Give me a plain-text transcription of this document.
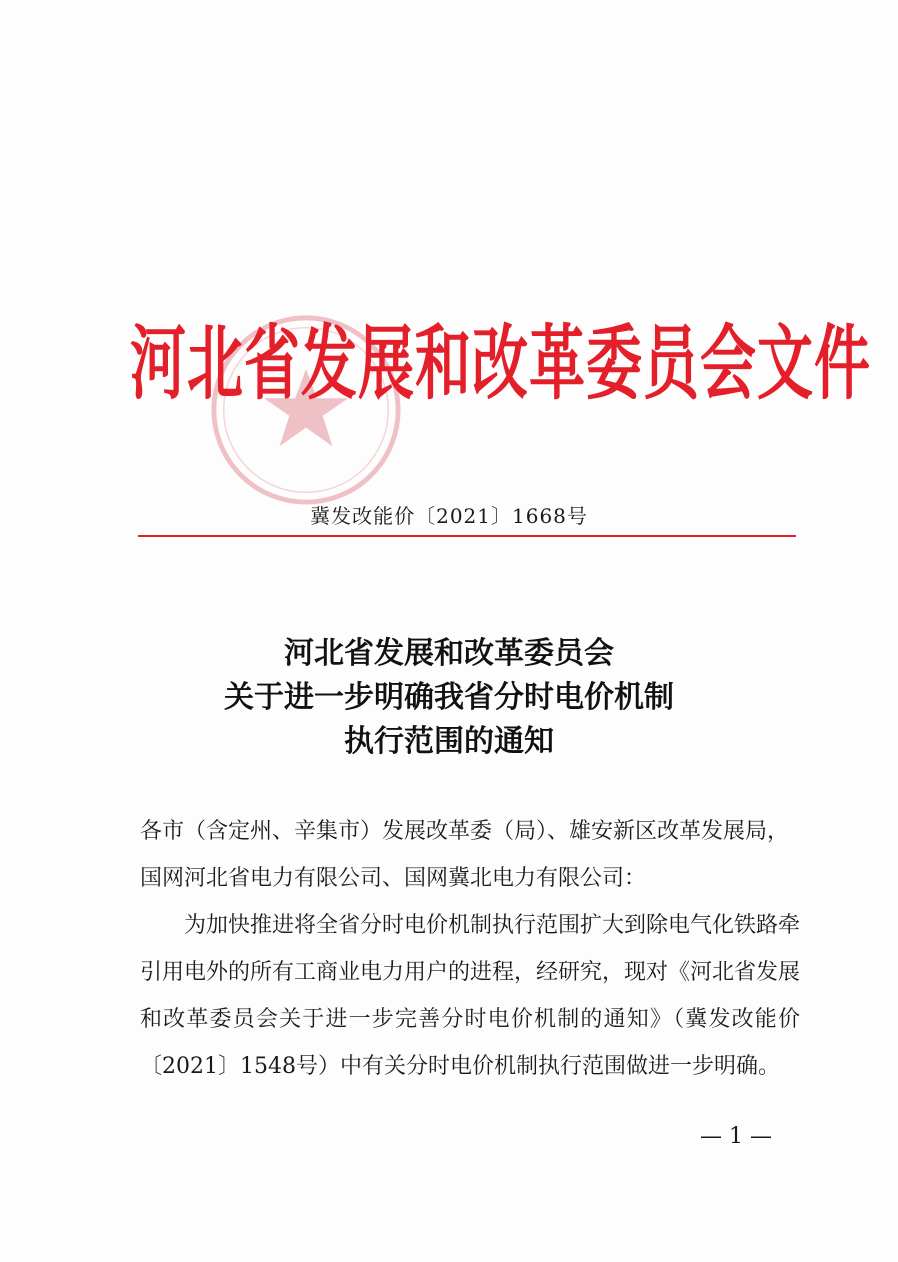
河北省发展和改革委员会文件
冀发改能价〔2021〕1668号
河北省发展和改革委员会
关于进一步明确我省分时电价机制
执行范围的通知

各市（含定州、辛集市）发展改革委（局）、雄安新区改革发展局，

国网河北省电力有限公司、国网冀北电力有限公司：

为加快推进将全省分时电价机制执行范围扩大到除电气化铁路牵引用电外的所有工商业电力用户的进程，经研究，现对《河北省发展和改革委员会关于进一步完善分时电价机制的通知》（冀发改能价〔2021〕1548号）中有关分时电价机制执行范围做进一步明确。

— 1 —
